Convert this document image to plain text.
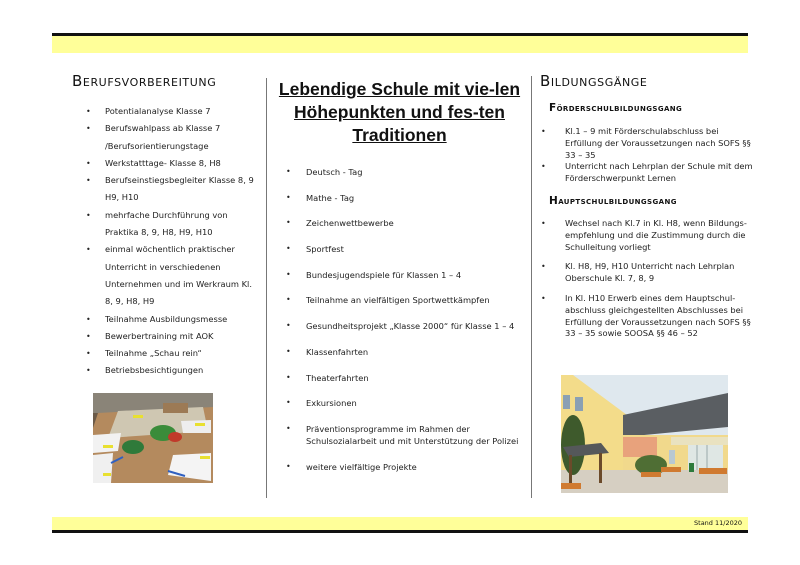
Berufsvorbereitung
• Potentialanalyse Klasse 7
• Berufswahlpass ab Klasse 7 /Berufsorientierungstage
• Werkstatttage- Klasse 8, H8
• Berufseinstiegsbegleiter Klasse 8, 9 H9, H10
• mehrfache Durchführung von Praktika 8, 9, H8, H9, H10
• einmal wöchentlich praktischer Unterricht in verschiedenen Unternehmen und im Werkraum Kl. 8, 9, H8, H9
• Teilnahme Ausbildungsmesse
• Bewerbertraining mit AOK
• Teilnahme „Schau rein“
• Betriebsbesichtigungen
Lebendige Schule mit vie-len Höhepunkten und fes-ten Traditionen
• Deutsch - Tag
• Mathe - Tag
• Zeichenwettbewerbe
• Sportfest
• Bundesjugendspiele für Klassen 1 – 4
• Teilnahme an vielfältigen Sportwettkämpfen
• Gesundheitsprojekt „Klasse 2000“ für Klasse 1 – 4
• Klassenfahrten
• Theaterfahrten
• Exkursionen
• Präventionsprogramme im Rahmen der Schulsozialarbeit und mit Unterstützung der Polizei
• weitere vielfältige Projekte
Bildungsgänge
Förderschulbildungsgang
• Kl.1 – 9 mit Förderschulabschluss bei Erfüllung der Voraussetzungen nach SOFS §§ 33 – 35
• Unterricht nach Lehrplan der Schule mit dem Förderschwerpunkt Lernen
Hauptschulbildungsgang
• Wechsel nach Kl.7 in Kl. H8, wenn Bildungs-empfehlung und die Zustimmung durch die Schulleitung vorliegt
• Kl. H8, H9, H10 Unterricht nach Lehrplan Oberschule Kl. 7, 8, 9
• In Kl. H10 Erwerb eines dem Hauptschul-abschluss gleichgestellten Abschlusses bei Erfüllung der Voraussetzungen nach SOFS §§ 33 – 35 sowie SOOSA §§ 46 – 52
Stand 11/2020
